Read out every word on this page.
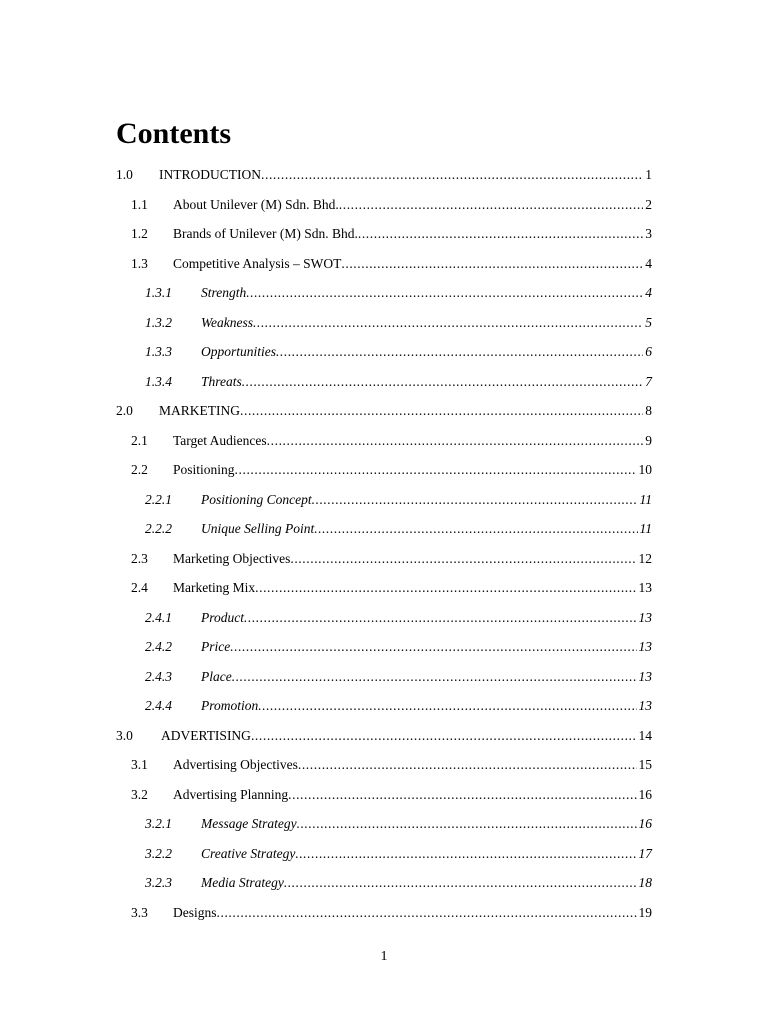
Contents
1.0	INTRODUCTION .....	1
1.1	About Unilever (M) Sdn. Bhd. .....	2
1.2	Brands of Unilever (M) Sdn. Bhd. .....	3
1.3	Competitive Analysis – SWOT .....	4
1.3.1	Strength .....	4
1.3.2	Weakness .....	5
1.3.3	Opportunities .....	6
1.3.4	Threats .....	7
2.0	MARKETING .....	8
2.1	Target Audiences .....	9
2.2	Positioning .....	10
2.2.1	Positioning Concept .....	11
2.2.2	Unique Selling Point .....	11
2.3	Marketing Objectives .....	12
2.4	Marketing Mix .....	13
2.4.1	Product .....	13
2.4.2	Price .....	13
2.4.3	Place .....	13
2.4.4	Promotion .....	13
3.0	ADVERTISING .....	14
3.1	Advertising Objectives .....	15
3.2	Advertising Planning .....	16
3.2.1	Message Strategy .....	16
3.2.2	Creative Strategy .....	17
3.2.3	Media Strategy .....	18
3.3	Designs .....	19
1
